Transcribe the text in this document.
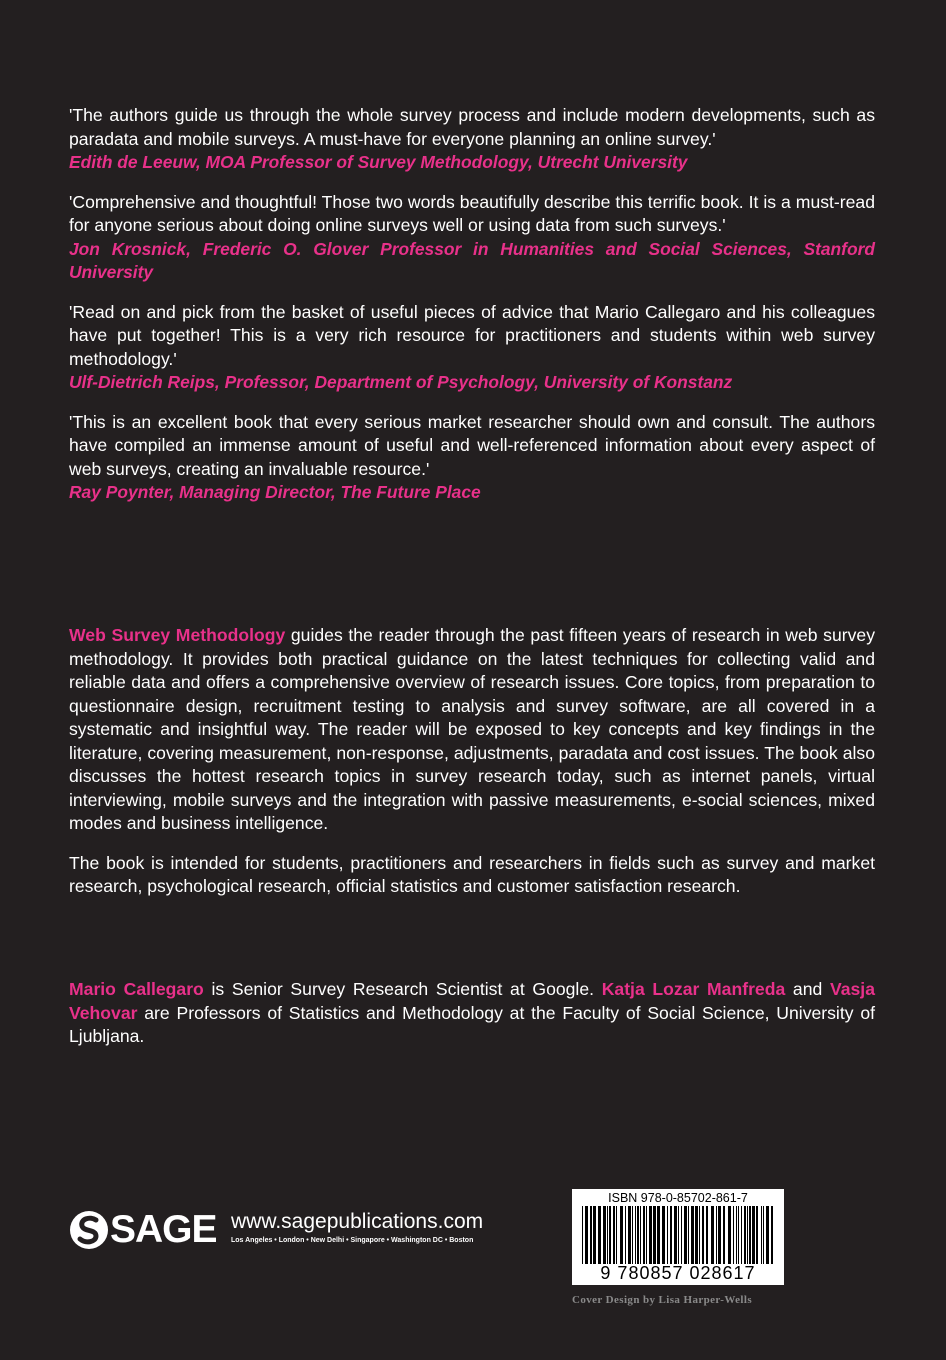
'The authors guide us through the whole survey process and include modern developments, such as paradata and mobile surveys. A must-have for everyone planning an online survey.'

Edith de Leeuw, MOA Professor of Survey Methodology, Utrecht University

'Comprehensive and thoughtful! Those two words beautifully describe this terrific book. It is a must-read for anyone serious about doing online surveys well or using data from such surveys.'

Jon Krosnick, Frederic O. Glover Professor in Humanities and Social Sciences, Stanford University

'Read on and pick from the basket of useful pieces of advice that Mario Callegaro and his colleagues have put together! This is a very rich resource for practitioners and students within web survey methodology.'

Ulf-Dietrich Reips, Professor, Department of Psychology, University of Konstanz

'This is an excellent book that every serious market researcher should own and consult. The authors have compiled an immense amount of useful and well-referenced information about every aspect of web surveys, creating an invaluable resource.'

Ray Poynter, Managing Director, The Future Place

Web Survey Methodology guides the reader through the past fifteen years of research in web survey methodology. It provides both practical guidance on the latest techniques for collecting valid and reliable data and offers a comprehensive overview of research issues. Core topics, from preparation to questionnaire design, recruitment testing to analysis and survey software, are all covered in a systematic and insightful way. The reader will be exposed to key concepts and key findings in the literature, covering measurement, non-response, adjustments, paradata and cost issues. The book also discusses the hottest research topics in survey research today, such as internet panels, virtual interviewing, mobile surveys and the integration with passive measurements, e-social sciences, mixed modes and business intelligence.

The book is intended for students, practitioners and researchers in fields such as survey and market research, psychological research, official statistics and customer satisfaction research.

Mario Callegaro is Senior Survey Research Scientist at Google. Katja Lozar Manfreda and Vasja Vehovar are Professors of Statistics and Methodology at the Faculty of Social Science, University of Ljubljana.

SAGE www.sagepublications.com

Los Angeles • London • New Delhi • Singapore • Washington DC • Boston

ISBN 978-0-85702-861-7
9 780857 028617
Cover Design by Lisa Harper-Wells
